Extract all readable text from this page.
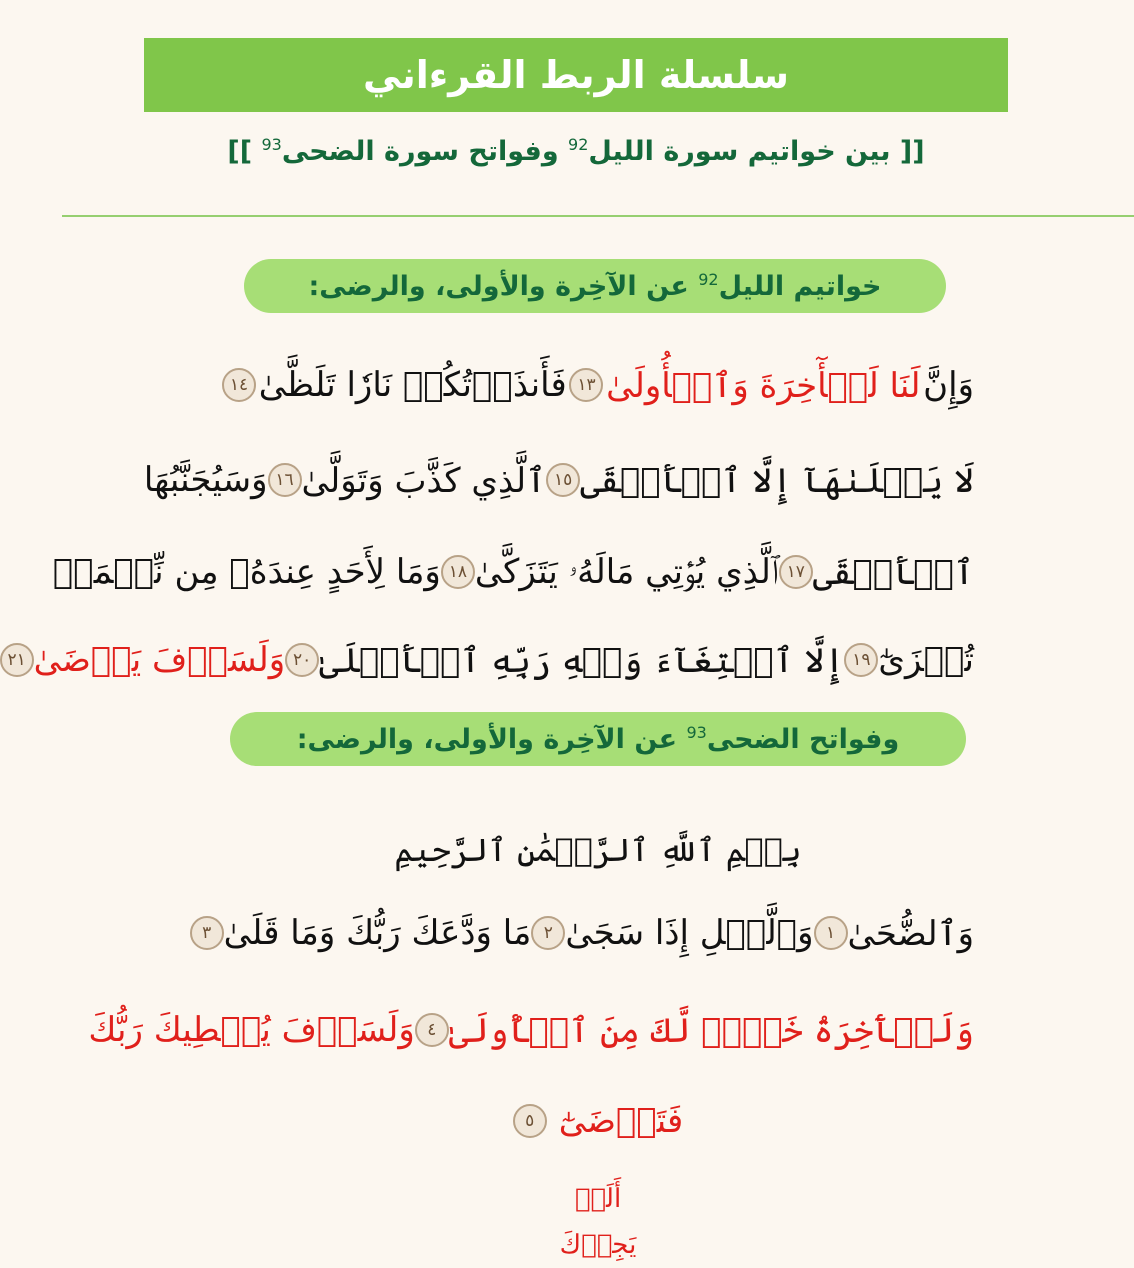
سلسلة الربط القرءاني
[[ بين خواتيم سورة الليل$^{92}$ وفواتح سورة الضحى$^{93}$ ]]
خواتيم الليل$^{92}$ عن الآخِرة والأولى، والرضى:
وَإِنَّ
لَنَا لَلۡأٓخِرَةَ وَٱلۡأُولَىٰ
١٣
فَأَنذَرۡتُكُمۡ نَارٗا تَلَظَّىٰ
١٤
لَا يَصۡلَىٰهَآ إِلَّا ٱلۡأَشۡقَى
١٥
ٱلَّذِي كَذَّبَ وَتَوَلَّىٰ
١٦
وَسَيُجَنَّبُهَا
ٱلۡأَتۡقَى
١٧
ٱلَّذِي يُؤۡتِي مَالَهُۥ يَتَزَكَّىٰ
١٨
وَمَا لِأَحَدٍ عِندَهُۥ مِن نِّعۡمَةٖ
تُجۡزَىٰٓ
١٩
إِلَّا ٱبۡتِغَآءَ وَجۡهِ رَبِّهِ ٱلۡأَعۡلَىٰ
٢٠
وَلَسَوۡفَ يَرۡضَىٰ
٢١
وفواتح الضحى$^{93}$ عن الآخِرة والأولى، والرضى:
بِسۡمِ ٱللَّهِ ٱلرَّحۡمَٰنِ ٱلرَّحِيمِ
وَٱلضُّحَىٰ
١
وَٱلَّيۡلِ إِذَا سَجَىٰ
٢
مَا وَدَّعَكَ رَبُّكَ وَمَا قَلَىٰ
٣
وَلَلۡأٓخِرَةُ خَيۡرٞ لَّكَ مِنَ ٱلۡأُولَىٰ
٤
وَلَسَوۡفَ يُعۡطِيكَ رَبُّكَ
فَتَرۡضَىٰٓ
٥
أَلَمۡ يَجِدۡكَ
